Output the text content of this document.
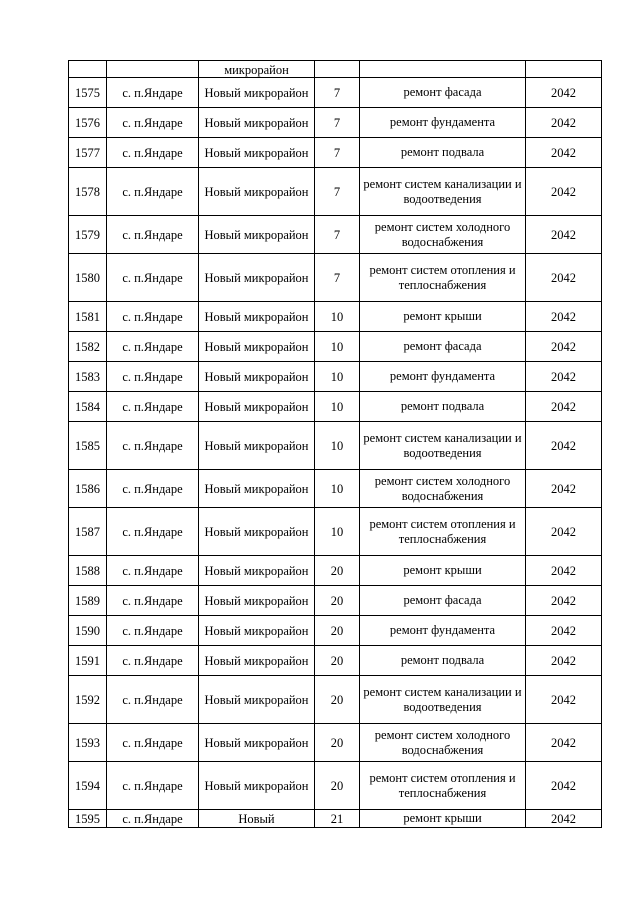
		микрорайон			
1575	с. п.Яндаре	Новый микрорайон	7	ремонт фасада	2042
1576	с. п.Яндаре	Новый микрорайон	7	ремонт фундамента	2042
1577	с. п.Яндаре	Новый микрорайон	7	ремонт подвала	2042
1578	с. п.Яндаре	Новый микрорайон	7	ремонт систем канализации и водоотведения	2042
1579	с. п.Яндаре	Новый микрорайон	7	ремонт систем холодного водоснабжения	2042
1580	с. п.Яндаре	Новый микрорайон	7	ремонт систем отопления и теплоснабжения	2042
1581	с. п.Яндаре	Новый микрорайон	10	ремонт крыши	2042
1582	с. п.Яндаре	Новый микрорайон	10	ремонт фасада	2042
1583	с. п.Яндаре	Новый микрорайон	10	ремонт фундамента	2042
1584	с. п.Яндаре	Новый микрорайон	10	ремонт подвала	2042
1585	с. п.Яндаре	Новый микрорайон	10	ремонт систем канализации и водоотведения	2042
1586	с. п.Яндаре	Новый микрорайон	10	ремонт систем холодного водоснабжения	2042
1587	с. п.Яндаре	Новый микрорайон	10	ремонт систем отопления и теплоснабжения	2042
1588	с. п.Яндаре	Новый микрорайон	20	ремонт крыши	2042
1589	с. п.Яндаре	Новый микрорайон	20	ремонт фасада	2042
1590	с. п.Яндаре	Новый микрорайон	20	ремонт фундамента	2042
1591	с. п.Яндаре	Новый микрорайон	20	ремонт подвала	2042
1592	с. п.Яндаре	Новый микрорайон	20	ремонт систем канализации и водоотведения	2042
1593	с. п.Яндаре	Новый микрорайон	20	ремонт систем холодного водоснабжения	2042
1594	с. п.Яндаре	Новый микрорайон	20	ремонт систем отопления и теплоснабжения	2042
1595	с. п.Яндаре	Новый	21	ремонт крыши	2042
